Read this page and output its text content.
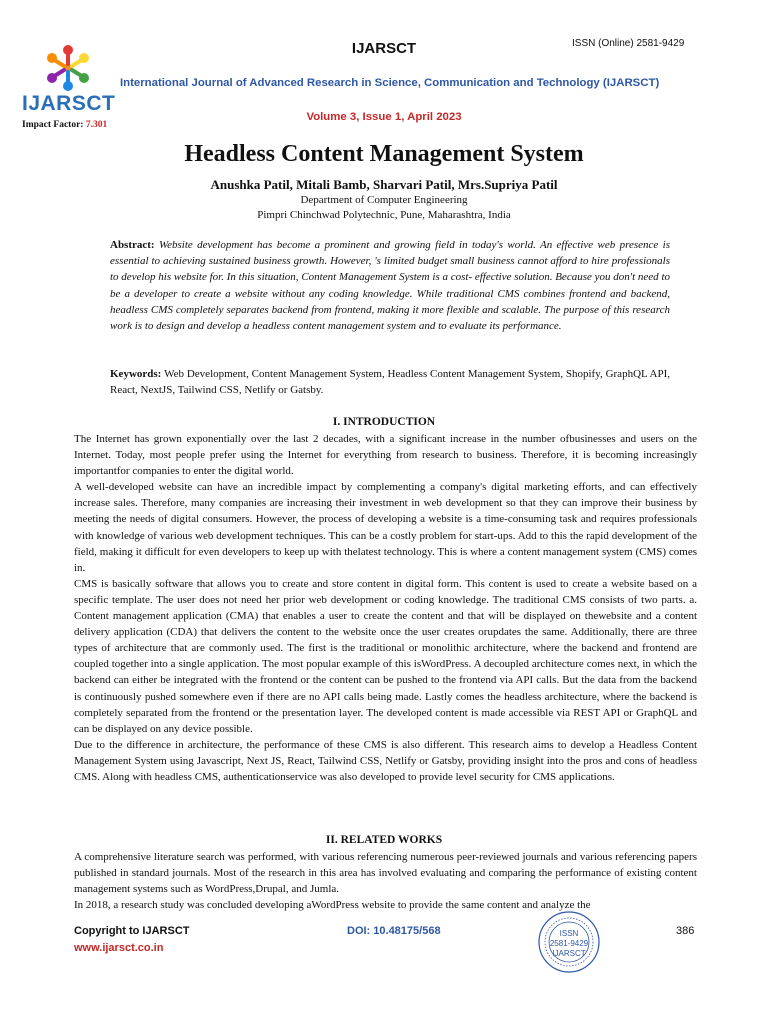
IJARSCT
Impact Factor: 7.301
IJARSCT	ISSN (Online) 2581-9429
International Journal of Advanced Research in Science, Communication and Technology (IJARSCT)
Volume 3, Issue 1, April 2023
Headless Content Management System
Anushka Patil, Mitali Bamb, Sharvari Patil, Mrs.Supriya Patil
Department of Computer Engineering
Pimpri Chinchwad Polytechnic, Pune, Maharashtra, India
Abstract: Website development has become a prominent and growing field in today's world. An effective web presence is essential to achieving sustained business growth. However, 's limited budget small business cannot afford to hire professionals to develop his website for. In this situation, Content Management System is a cost- effective solution. Because you don't need to be a developer to create a website without any coding knowledge. While traditional CMS combines frontend and backend, headless CMS completely separates backend from frontend, making it more flexible and scalable. The purpose of this research work is to design and develop a headless content management system and to evaluate its performance.
Keywords: Web Development, Content Management System, Headless Content Management System, Shopify, GraphQL API, React, NextJS, Tailwind CSS, Netlify or Gatsby.
I. INTRODUCTION

The Internet has grown exponentially over the last 2 decades, with a significant increase in the number ofbusinesses and users on the Internet. Today, most people prefer using the Internet for everything from research to business. Therefore, it is becoming increasingly importantfor companies to enter the digital world.

A well-developed website can have an incredible impact by complementing a company's digital marketing efforts, and can effectively increase sales. Therefore, many companies are increasing their investment in web development so that they can improve their business by meeting the needs of digital consumers. However, the process of developing a website is a time-consuming task and requires professionals with knowledge of various web development techniques. This can be a costly problem for start-ups. Add to this the rapid development of the field, making it difficult for even developers to keep up with thelatest technology. This is where a content management system (CMS) comes in.

CMS is basically software that allows you to create and store content in digital form. This content is used to create a website based on a specific template. The user does not need her prior web development or coding knowledge. The traditional CMS consists of two parts. a. Content management application (CMA) that enables a user to create the content and that will be displayed on thewebsite and a content delivery application (CDA) that delivers the content to the website once the user creates orupdates the same. Additionally, there are three types of architecture that are commonly used. The first is the traditional or monolithic architecture, where the backend and frontend are coupled together into a single application. The most popular example of this isWordPress. A decoupled architecture comes next, in which the backend can either be integrated with the frontend or the content can be pushed to the frontend via API calls. But the data from the backend is continuously pushed somewhere even if there are no API calls being made. Lastly comes the headless architecture, where the backend is completely separated from the frontend or the presentation layer. The developed content is made accessible via REST API or GraphQL and can be displayed on any device possible.

Due to the difference in architecture, the performance of these CMS is also different. This research aims to develop a Headless Content Management System using Javascript, Next JS, React, Tailwind CSS, Netlify or Gatsby, providing insight into the pros and cons of headless CMS. Along with headless CMS, authenticationservice was also developed to provide level security for CMS applications.

II. RELATED WORKS

A comprehensive literature search was performed, with various referencing numerous peer-reviewed journals and various referencing papers published in standard journals. Most of the research in this area has involved evaluating and comparing the performance of existing content management systems such as WordPress,Drupal, and Jumla.

In 2018, a research study was concluded developing aWordPress website to provide the same content and analyze the

Copyright to IJARSCT
www.ijarsct.co.in
DOI: 10.48175/568	386
ISSN
2581-9429
IJARSCT
